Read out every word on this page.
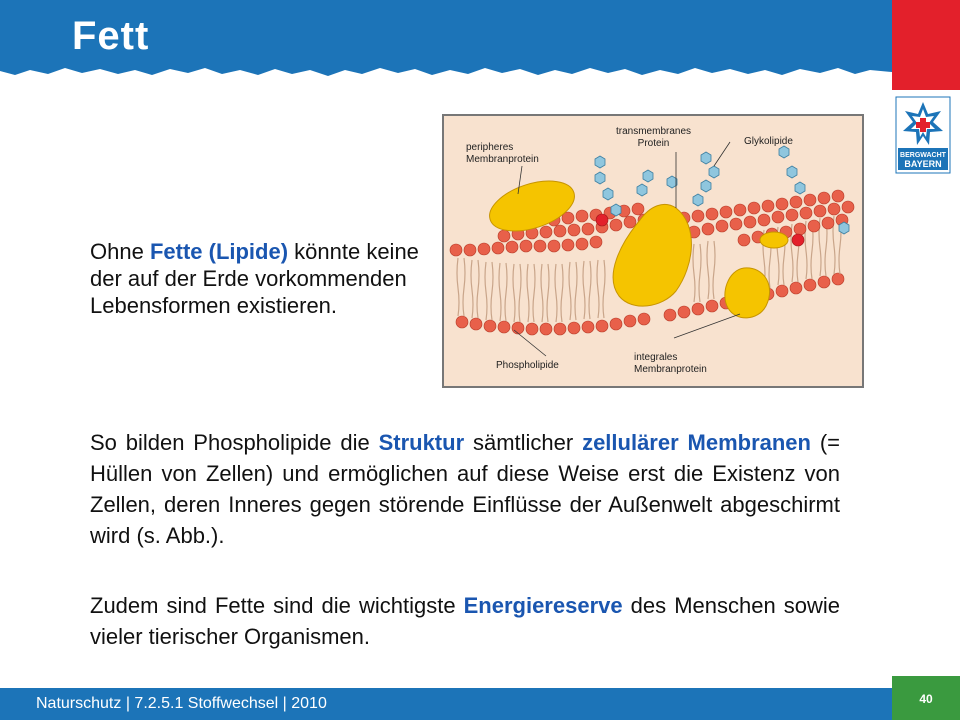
Fett
BERGWACHT
BAYERN
Ohne Fette (Lipide) könnte keine der auf der Erde vorkommenden Lebensformen existieren.
peripheres
Membranprotein
transmembranes
Protein	Glykolipide
Phospholipide
integrales
Membranprotein
So bilden Phospholipide die Struktur sämtlicher zellulärer Membranen (= Hüllen von Zellen) und ermöglichen auf diese Weise erst die Existenz von Zellen, deren Inneres gegen störende Einflüsse der Außenwelt abgeschirmt wird (s. Abb.).
Zudem sind Fette sind die wichtigste Energiereserve des Menschen sowie vieler tierischer Organismen.
Naturschutz | 7.2.5.1 Stoffwechsel | 2010	40
